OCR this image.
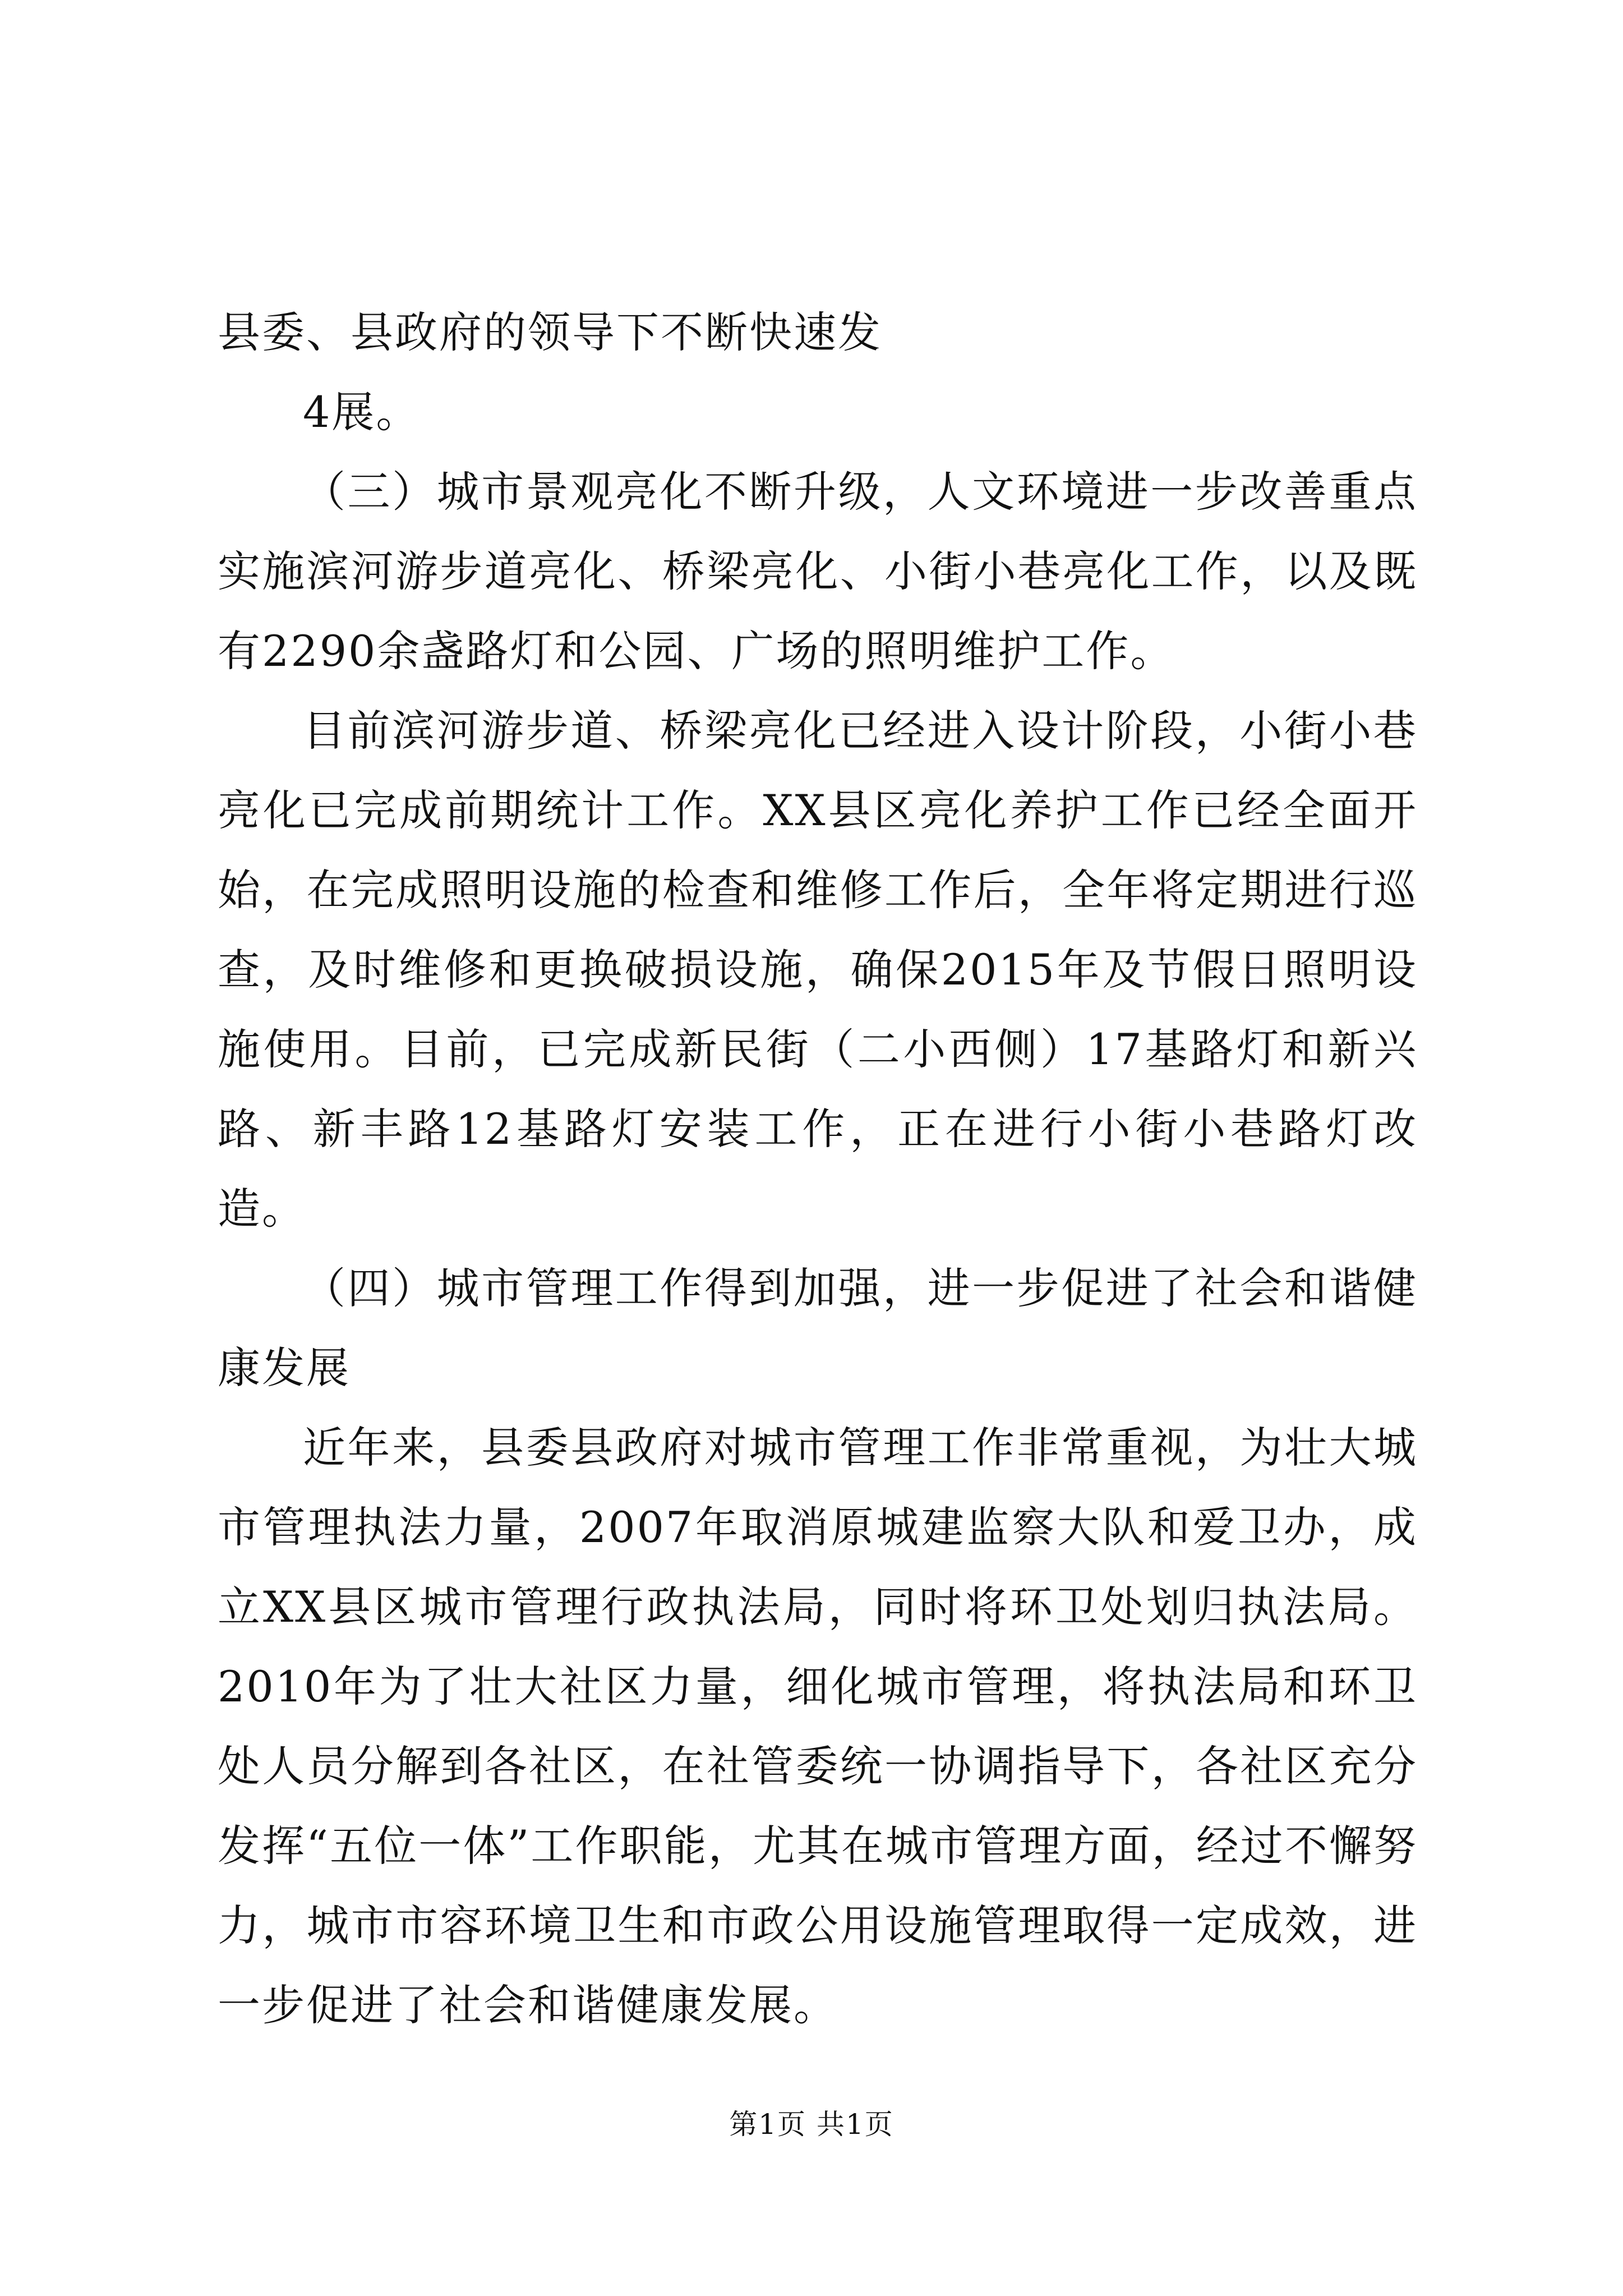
县委、县政府的领导下不断快速发

4展。

（三）城市景观亮化不断升级，人文环境进一步改善重点实施滨河游步道亮化、桥梁亮化、小街小巷亮化工作，以及既有2290余盏路灯和公园、广场的照明维护工作。

目前滨河游步道、桥梁亮化已经进入设计阶段，小街小巷亮化已完成前期统计工作。XX县区亮化养护工作已经全面开始，在完成照明设施的检查和维修工作后，全年将定期进行巡查，及时维修和更换破损设施，确保2015年及节假日照明设施使用。目前，已完成新民街（二小西侧）17基路灯和新兴路、新丰路12基路灯安装工作，正在进行小街小巷路灯改造。

（四）城市管理工作得到加强，进一步促进了社会和谐健康发展

近年来，县委县政府对城市管理工作非常重视，为壮大城市管理执法力量，2007年取消原城建监察大队和爱卫办，成立XX县区城市管理行政执法局，同时将环卫处划归执法局。2010年为了壮大社区力量，细化城市管理，将执法局和环卫处人员分解到各社区，在社管委统一协调指导下，各社区充分发挥“五位一体”工作职能，尤其在城市管理方面，经过不懈努力，城市市容环境卫生和市政公用设施管理取得一定成效，进一步促进了社会和谐健康发展。

第1页 共1页
